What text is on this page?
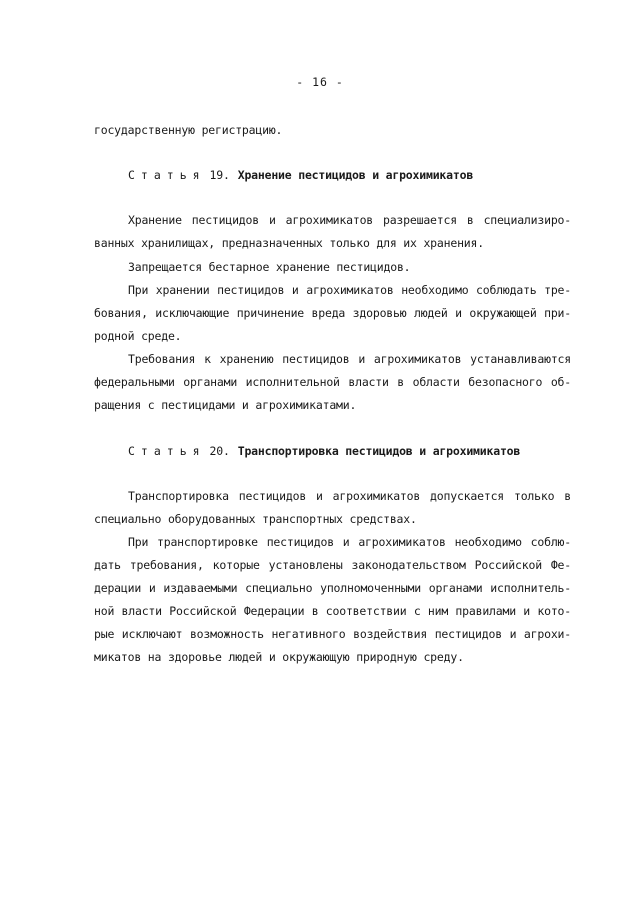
- 16 -
государственную регистрацию.
Статья 19. Хранение пестицидов и агрохимикатов
Хранение пестицидов и агрохимикатов разрешается в специализиро-
ванных хранилищах, предназначенных только для их хранения.
Запрещается бестарное хранение пестицидов.
При хранении пестицидов и агрохимикатов необходимо соблюдать тре-
бования, исключающие причинение вреда здоровью людей и окружающей при-
родной среде.
Требования к хранению пестицидов и агрохимикатов устанавливаются
федеральными органами исполнительной власти в области безопасного об-
ращения с пестицидами и агрохимикатами.
Статья 20. Транспортировка пестицидов и агрохимикатов
Транспортировка пестицидов и агрохимикатов допускается только в
специально оборудованных транспортных средствах.
При транспортировке пестицидов и агрохимикатов необходимо соблю-
дать требования, которые установлены законодательством Российской Фе-
дерации и издаваемыми специально уполномоченными органами исполнитель-
ной власти Российской Федерации в соответствии с ним правилами и кото-
рые исключают возможность негативного воздействия пестицидов и агрохи-
микатов на здоровье людей и окружающую природную среду.
